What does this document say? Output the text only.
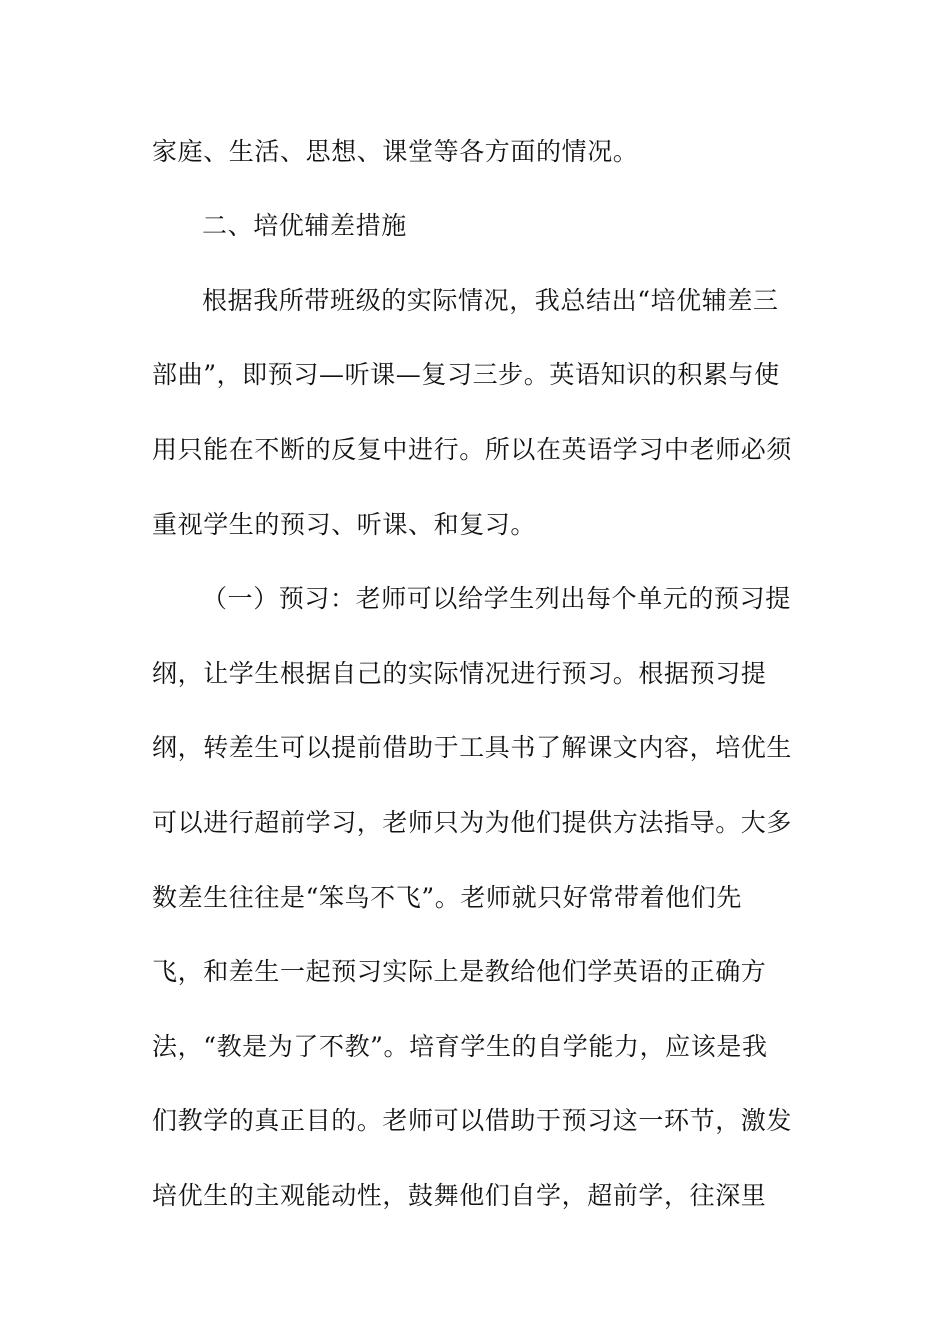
家庭、生活、思想、课堂等各方面的情况。
二、培优辅差措施
根据我所带班级的实际情况，我总结出“培优辅差三
部曲”，即预习—听课—复习三步。英语知识的积累与使
用只能在不断的反复中进行。所以在英语学习中老师必须
重视学生的预习、听课、和复习。
（一）预习：老师可以给学生列出每个单元的预习提
纲，让学生根据自己的实际情况进行预习。根据预习提
纲，转差生可以提前借助于工具书了解课文内容，培优生
可以进行超前学习，老师只为为他们提供方法指导。大多
数差生往往是“笨鸟不飞”。老师就只好常带着他们先
飞，和差生一起预习实际上是教给他们学英语的正确方
法，“教是为了不教”。培育学生的自学能力，应该是我
们教学的真正目的。老师可以借助于预习这一环节，激发
培优生的主观能动性，鼓舞他们自学，超前学，往深里
